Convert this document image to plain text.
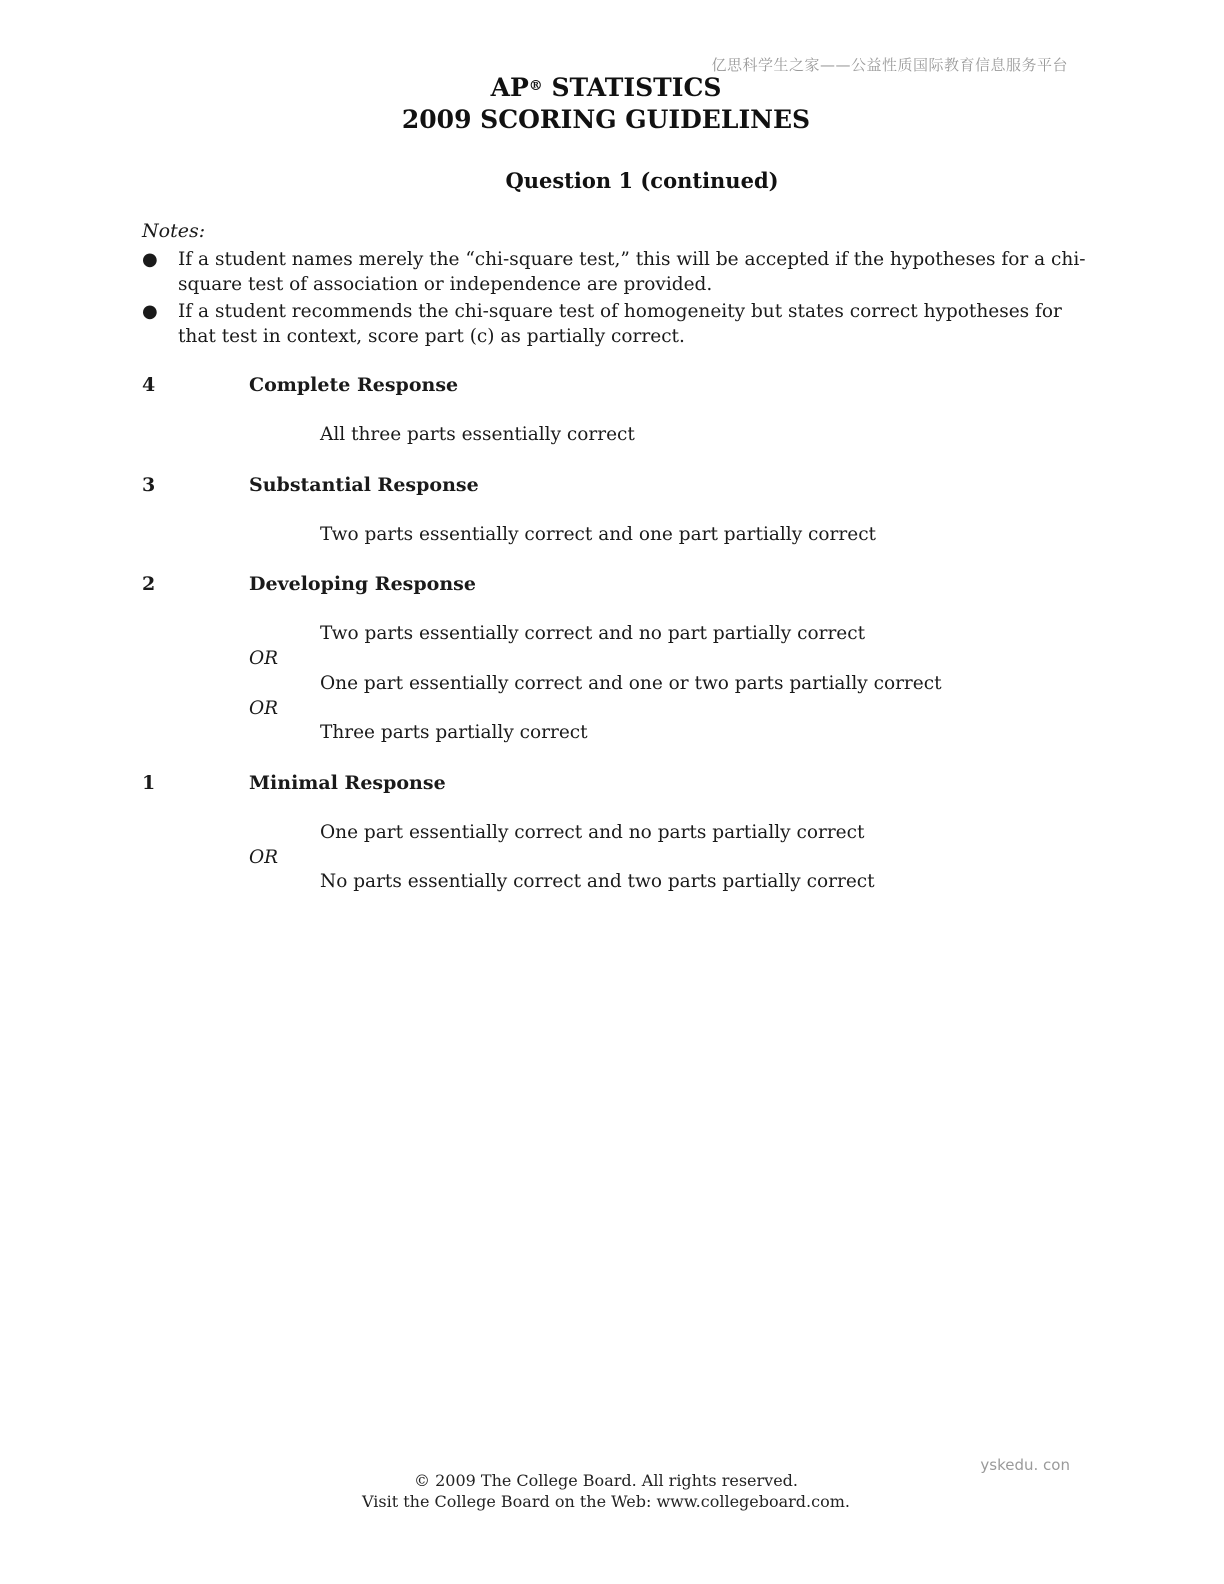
亿思科学生之家——公益性质国际教育信息服务平台
AP® STATISTICS
2009 SCORING GUIDELINES
Question 1 (continued)
Notes:
● If a student names merely the “chi-square test,” this will be accepted if the hypotheses for a chi-square test of association or independence are provided.
● If a student recommends the chi-square test of homogeneity but states correct hypotheses for that test in context, score part (c) as partially correct.
4	Complete Response
All three parts essentially correct
3	Substantial Response
Two parts essentially correct and one part partially correct
2	Developing Response
Two parts essentially correct and no part partially correct
OR
One part essentially correct and one or two parts partially correct
OR
Three parts partially correct
1	Minimal Response
One part essentially correct and no parts partially correct
OR
No parts essentially correct and two parts partially correct
yskedu. con
© 2009 The College Board. All rights reserved.
Visit the College Board on the Web: www.collegeboard.com.
